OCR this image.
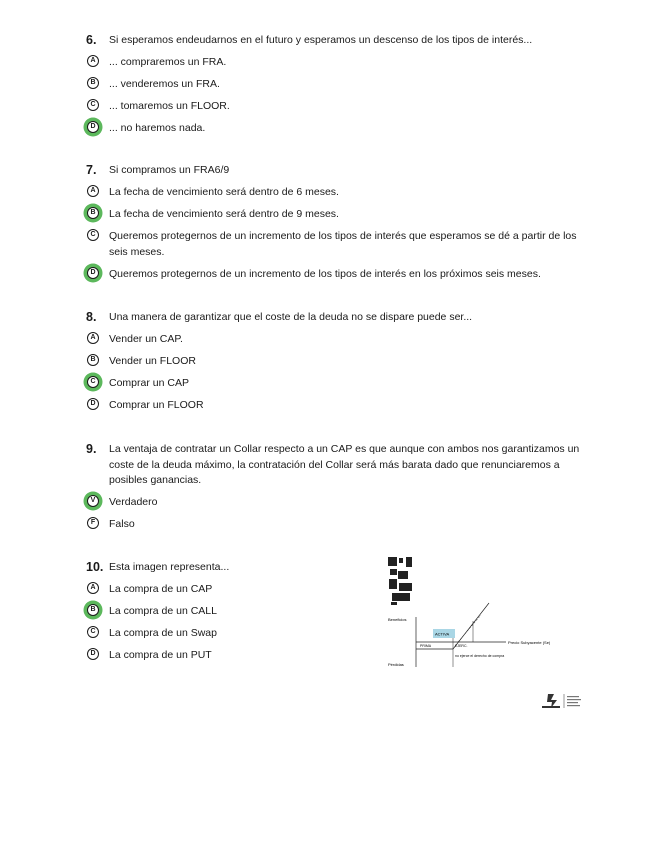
6. Si esperamos endeudarnos en el futuro y esperamos un descenso de los tipos de interés...
A	... compraremos un FRA.
B	... venderemos un FRA.
C	... tomaremos un FLOOR.
D	... no haremos nada.
7. Si compramos un FRA6/9
A	La fecha de vencimiento será dentro de 6 meses.
B	La fecha de vencimiento será dentro de 9 meses.
C	Queremos protegernos de un incremento de los tipos de interés que esperamos se dé a partir de los seis meses.
D	Queremos protegernos de un incremento de los tipos de interés en los próximos seis meses.
8. Una manera de garantizar que el coste de la deuda no se dispare puede ser...
A	Vender un CAP.
B	Vender un FLOOR
C	Comprar un CAP
D	Comprar un FLOOR
9. La ventaja de contratar un Collar respecto a un CAP es que aunque con ambos nos garantizamos un coste de la deuda máximo, la contratación del Collar será más barata dado que renunciaremos a posibles ganancias.
V	Verdadero
F	Falso
10. Esta imagen representa...
A	La compra de un CAP
B	La compra de un CALL
C	La compra de un Swap
D	La compra de un PUT
Beneficios
Pérdidas
Precio Subyacente (Se)
ACTIVA
EJERC.
PRIMA
no ejerce el derecho de compra
